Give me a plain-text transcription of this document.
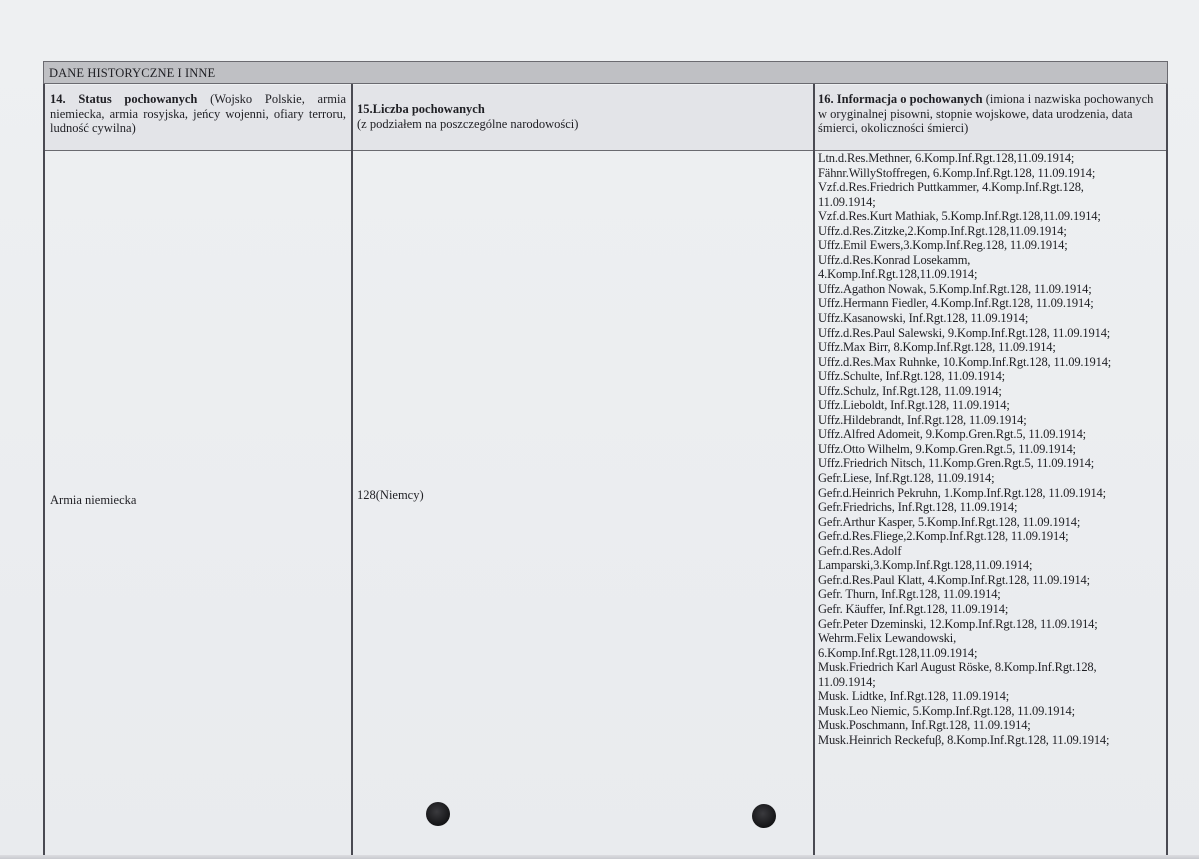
DANE HISTORYCZNE I INNE
14. Status pochowanych (Wojsko Polskie, armia niemiecka, armia rosyjska, jeńcy wojenni, ofiary terroru, ludność cywilna)
15.Liczba pochowanych
(z podziałem na poszczególne narodowości)
16. Informacja o pochowanych (imiona i nazwiska pochowanych w oryginalnej pisowni, stopnie wojskowe, data urodzenia, data śmierci, okoliczności śmierci)
Armia niemiecka	128(Niemcy)
Ltn.d.Res.Methner, 6.Komp.Inf.Rgt.128,11.09.1914;
Fähnr.WillyStoffregen, 6.Komp.Inf.Rgt.128, 11.09.1914;
Vzf.d.Res.Friedrich Puttkammer, 4.Komp.Inf.Rgt.128,
11.09.1914;
Vzf.d.Res.Kurt Mathiak, 5.Komp.Inf.Rgt.128,11.09.1914;
Uffz.d.Res.Zitzke,2.Komp.Inf.Rgt.128,11.09.1914;
Uffz.Emil Ewers,3.Komp.Inf.Reg.128, 11.09.1914;
Uffz.d.Res.Konrad Losekamm,
4.Komp.Inf.Rgt.128,11.09.1914;
Uffz.Agathon Nowak, 5.Komp.Inf.Rgt.128, 11.09.1914;
Uffz.Hermann Fiedler, 4.Komp.Inf.Rgt.128, 11.09.1914;
Uffz.Kasanowski, Inf.Rgt.128, 11.09.1914;
Uffz.d.Res.Paul Salewski, 9.Komp.Inf.Rgt.128, 11.09.1914;
Uffz.Max Birr, 8.Komp.Inf.Rgt.128, 11.09.1914;
Uffz.d.Res.Max Ruhnke, 10.Komp.Inf.Rgt.128, 11.09.1914;
Uffz.Schulte, Inf.Rgt.128, 11.09.1914;
Uffz.Schulz, Inf.Rgt.128, 11.09.1914;
Uffz.Lieboldt, Inf.Rgt.128, 11.09.1914;
Uffz.Hildebrandt, Inf.Rgt.128, 11.09.1914;
Uffz.Alfred Adomeit, 9.Komp.Gren.Rgt.5, 11.09.1914;
Uffz.Otto Wilhelm, 9.Komp.Gren.Rgt.5, 11.09.1914;
Uffz.Friedrich Nitsch, 11.Komp.Gren.Rgt.5, 11.09.1914;
Gefr.Liese, Inf.Rgt.128, 11.09.1914;
Gefr.d.Heinrich Pekruhn, 1.Komp.Inf.Rgt.128, 11.09.1914;
Gefr.Friedrichs, Inf.Rgt.128, 11.09.1914;
Gefr.Arthur Kasper, 5.Komp.Inf.Rgt.128, 11.09.1914;
Gefr.d.Res.Fliege,2.Komp.Inf.Rgt.128, 11.09.1914;
Gefr.d.Res.Adolf
Lamparski,3.Komp.Inf.Rgt.128,11.09.1914;
Gefr.d.Res.Paul Klatt, 4.Komp.Inf.Rgt.128, 11.09.1914;
Gefr. Thurn, Inf.Rgt.128, 11.09.1914;
Gefr. Käuffer, Inf.Rgt.128, 11.09.1914;
Gefr.Peter Dzeminski, 12.Komp.Inf.Rgt.128, 11.09.1914;
Wehrm.Felix Lewandowski,
6.Komp.Inf.Rgt.128,11.09.1914;
Musk.Friedrich Karl August Röske, 8.Komp.Inf.Rgt.128,
11.09.1914;
Musk. Lidtke, Inf.Rgt.128, 11.09.1914;
Musk.Leo Niemic, 5.Komp.Inf.Rgt.128, 11.09.1914;
Musk.Poschmann, Inf.Rgt.128, 11.09.1914;
Musk.Heinrich Reckefuβ, 8.Komp.Inf.Rgt.128, 11.09.1914;
